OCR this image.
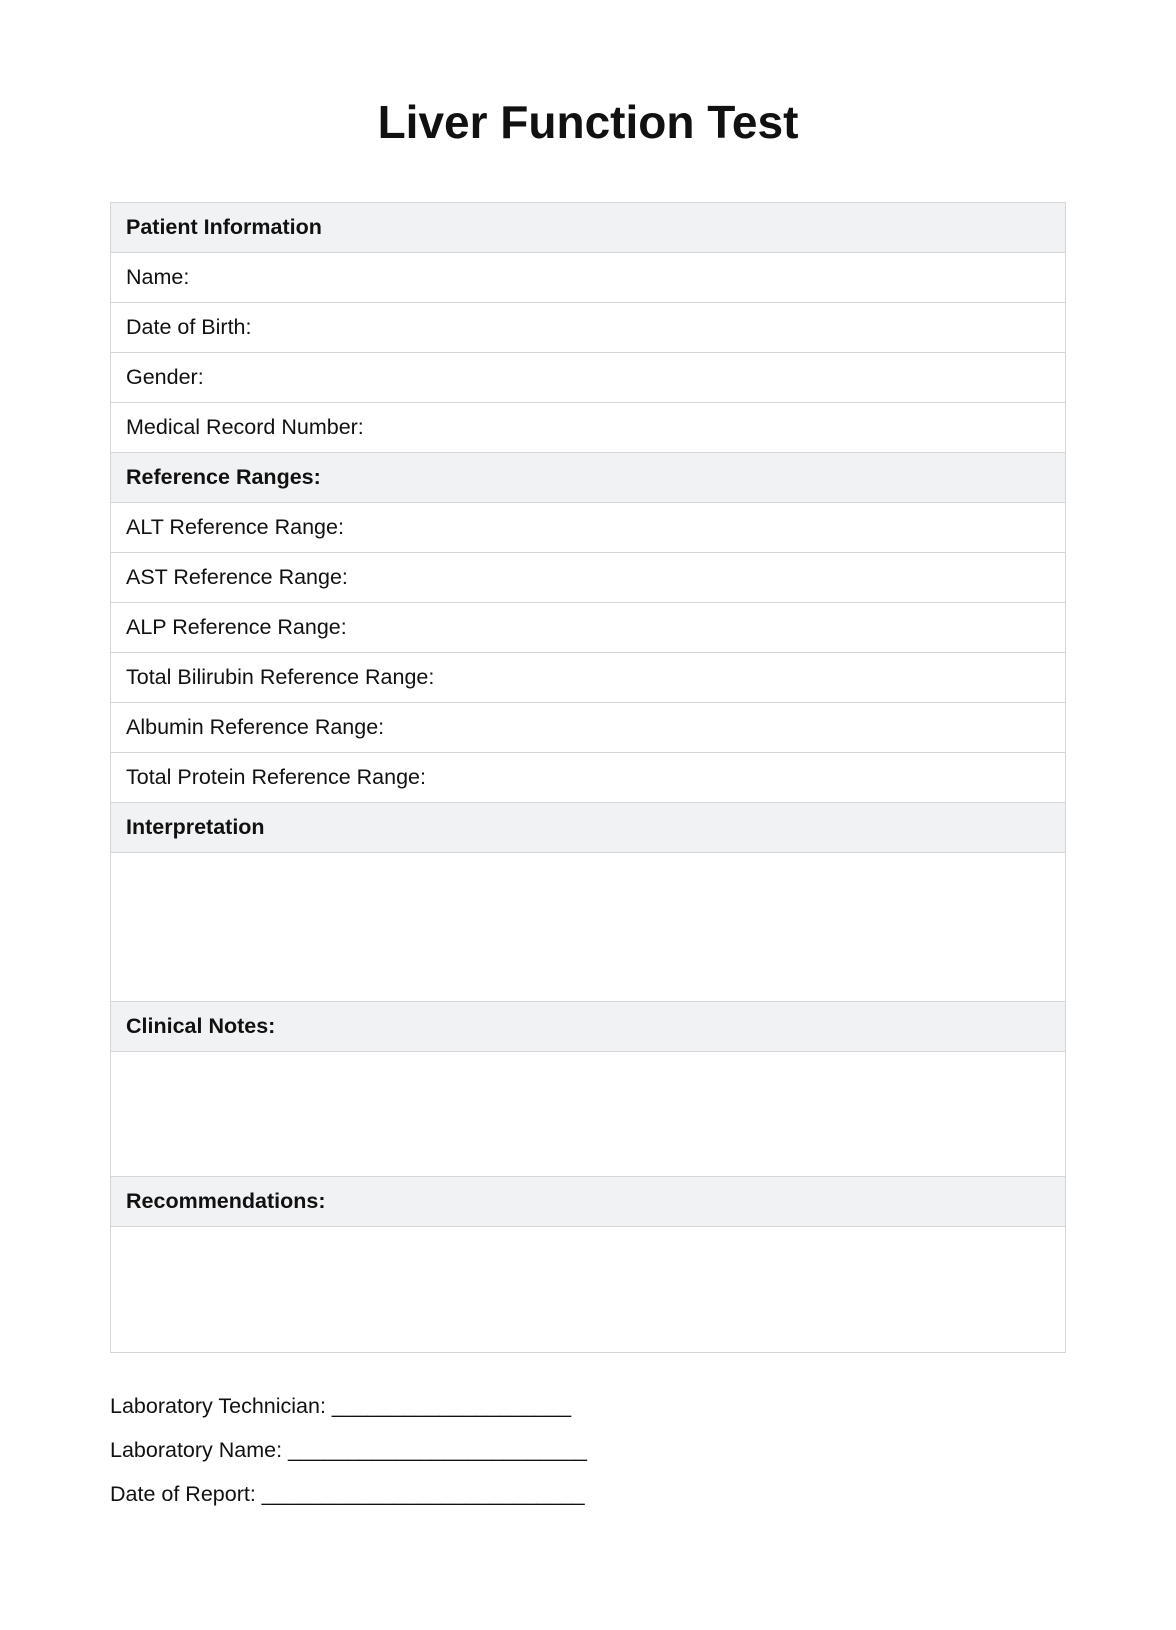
Liver Function Test
Patient Information
Name:
Date of Birth:
Gender:
Medical Record Number:
Reference Ranges:
ALT Reference Range:
AST Reference Range:
ALP Reference Range:
Total Bilirubin Reference Range:
Albumin Reference Range:
Total Protein Reference Range:
Interpretation
Clinical Notes:
Recommendations:
Laboratory Technician: ____________________
Laboratory Name: _________________________
Date of Report: ___________________________
